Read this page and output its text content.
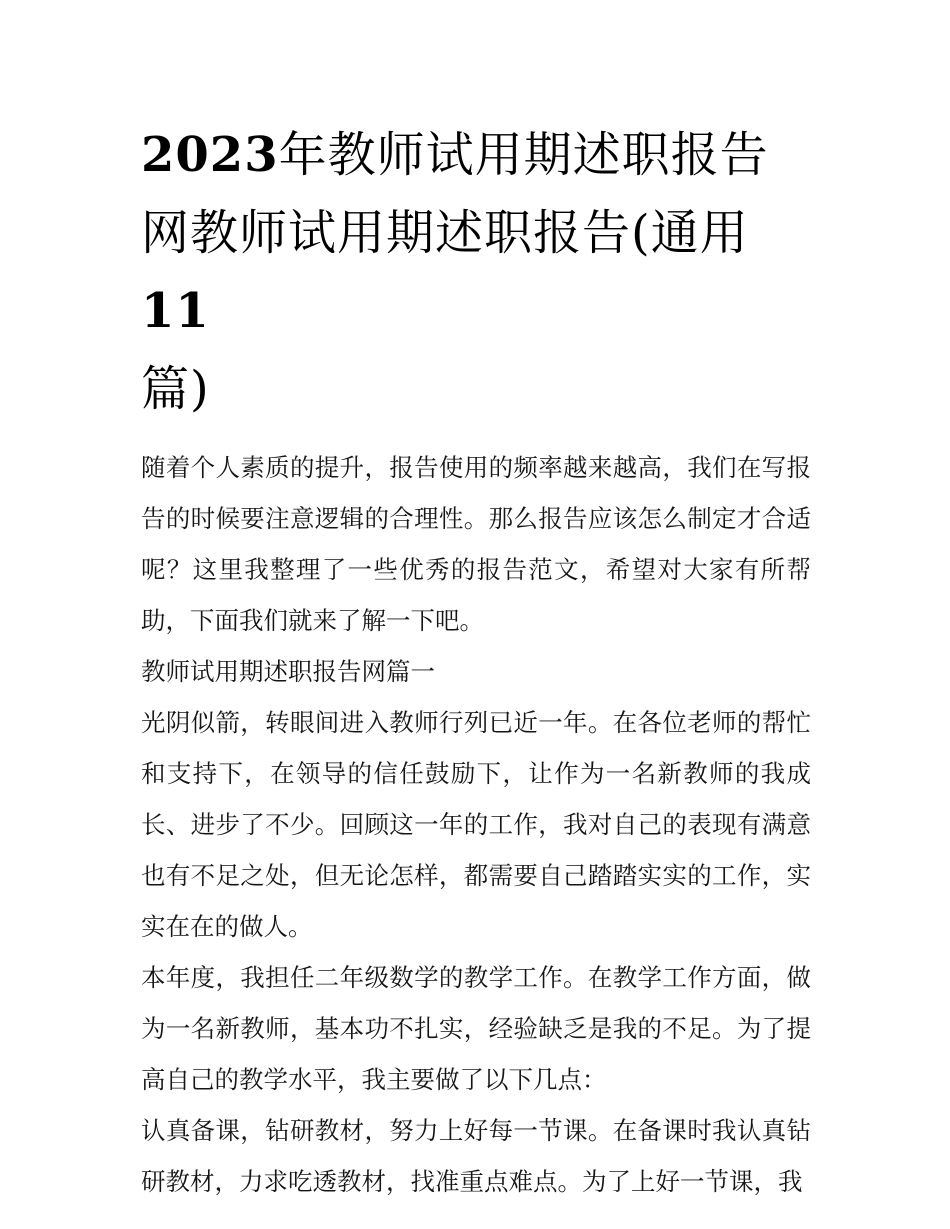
2023年教师试用期述职报告网教师试用期述职报告(通用11
篇)

随着个人素质的提升，报告使用的频率越来越高，我们在写报告的时候要注意逻辑的合理性。那么报告应该怎么制定才合适呢？这里我整理了一些优秀的报告范文，希望对大家有所帮助，下面我们就来了解一下吧。

教师试用期述职报告网篇一

光阴似箭，转眼间进入教师行列已近一年。在各位老师的帮忙和支持下，在领导的信任鼓励下，让作为一名新教师的我成长、进步了不少。回顾这一年的工作，我对自己的表现有满意也有不足之处，但无论怎样，都需要自己踏踏实实的工作，实实在在的做人。

本年度，我担任二年级数学的教学工作。在教学工作方面，做为一名新教师，基本功不扎实，经验缺乏是我的不足。为了提高自己的教学水平，我主要做了以下几点：

认真备课，钻研教材，努力上好每一节课。在备课时我认真钻研教材，力求吃透教材，找准重点难点。为了上好一节课，我
